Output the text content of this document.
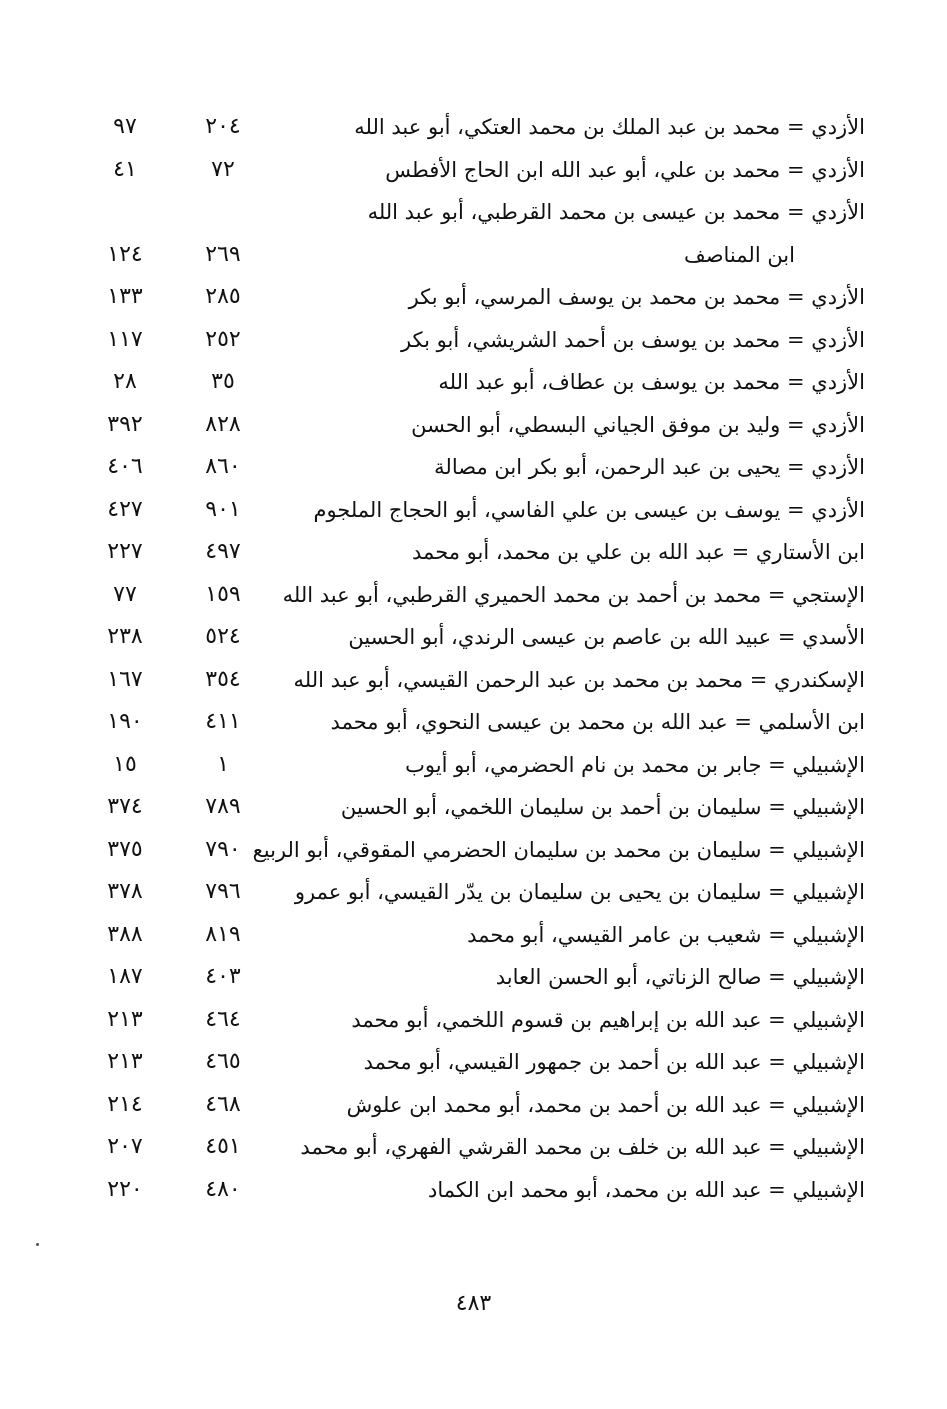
الأزدي = محمد بن عبد الملك بن محمد العتكي، أبو عبد الله
٢٠٤
٩٧
الأزدي = محمد بن علي، أبو عبد الله ابن الحاج الأفطس
٧٢
٤١
الأزدي = محمد بن عيسى بن محمد القرطبي، أبو عبد الله
ابن المناصف
٢٦٩
١٢٤
الأزدي = محمد بن محمد بن يوسف المرسي، أبو بكر
٢٨٥
١٣٣
الأزدي = محمد بن يوسف بن أحمد الشريشي، أبو بكر
٢٥٢
١١٧
الأزدي = محمد بن يوسف بن عطاف، أبو عبد الله
٣٥
٢٨
الأزدي = وليد بن موفق الجياني البسطي، أبو الحسن
٨٢٨
٣٩٢
الأزدي = يحيى بن عبد الرحمن، أبو بكر ابن مصالة
٨٦٠
٤٠٦
الأزدي = يوسف بن عيسى بن علي الفاسي، أبو الحجاج الملجوم
٩٠١
٤٢٧
ابن الأستاري = عبد الله بن علي بن محمد، أبو محمد
٤٩٧
٢٢٧
الإستجي = محمد بن أحمد بن محمد الحميري القرطبي، أبو عبد الله
١٥٩
٧٧
الأسدي = عبيد الله بن عاصم بن عيسى الرندي، أبو الحسين
٥٢٤
٢٣٨
الإسكندري = محمد بن محمد بن عبد الرحمن القيسي، أبو عبد الله
٣٥٤
١٦٧
ابن الأسلمي = عبد الله بن محمد بن عيسى النحوي، أبو محمد
٤١١
١٩٠
الإشبيلي = جابر بن محمد بن نام الحضرمي، أبو أيوب
١
١٥
الإشبيلي = سليمان بن أحمد بن سليمان اللخمي، أبو الحسين
٧٨٩
٣٧٤
الإشبيلي = سليمان بن محمد بن سليمان الحضرمي المقوقي، أبو الربيع
٧٩٠
٣٧٥
الإشبيلي = سليمان بن يحيى بن سليمان بن يدّر القيسي، أبو عمرو
٧٩٦
٣٧٨
الإشبيلي = شعيب بن عامر القيسي، أبو محمد
٨١٩
٣٨٨
الإشبيلي = صالح الزناتي، أبو الحسن العابد
٤٠٣
١٨٧
الإشبيلي = عبد الله بن إبراهيم بن قسوم اللخمي، أبو محمد
٤٦٤
٢١٣
الإشبيلي = عبد الله بن أحمد بن جمهور القيسي، أبو محمد
٤٦٥
٢١٣
الإشبيلي = عبد الله بن أحمد بن محمد، أبو محمد ابن علوش
٤٦٨
٢١٤
الإشبيلي = عبد الله بن خلف بن محمد القرشي الفهري، أبو محمد
٤٥١
٢٠٧
الإشبيلي = عبد الله بن محمد، أبو محمد ابن الكماد
٤٨٠
٢٢٠
٤٨٣
